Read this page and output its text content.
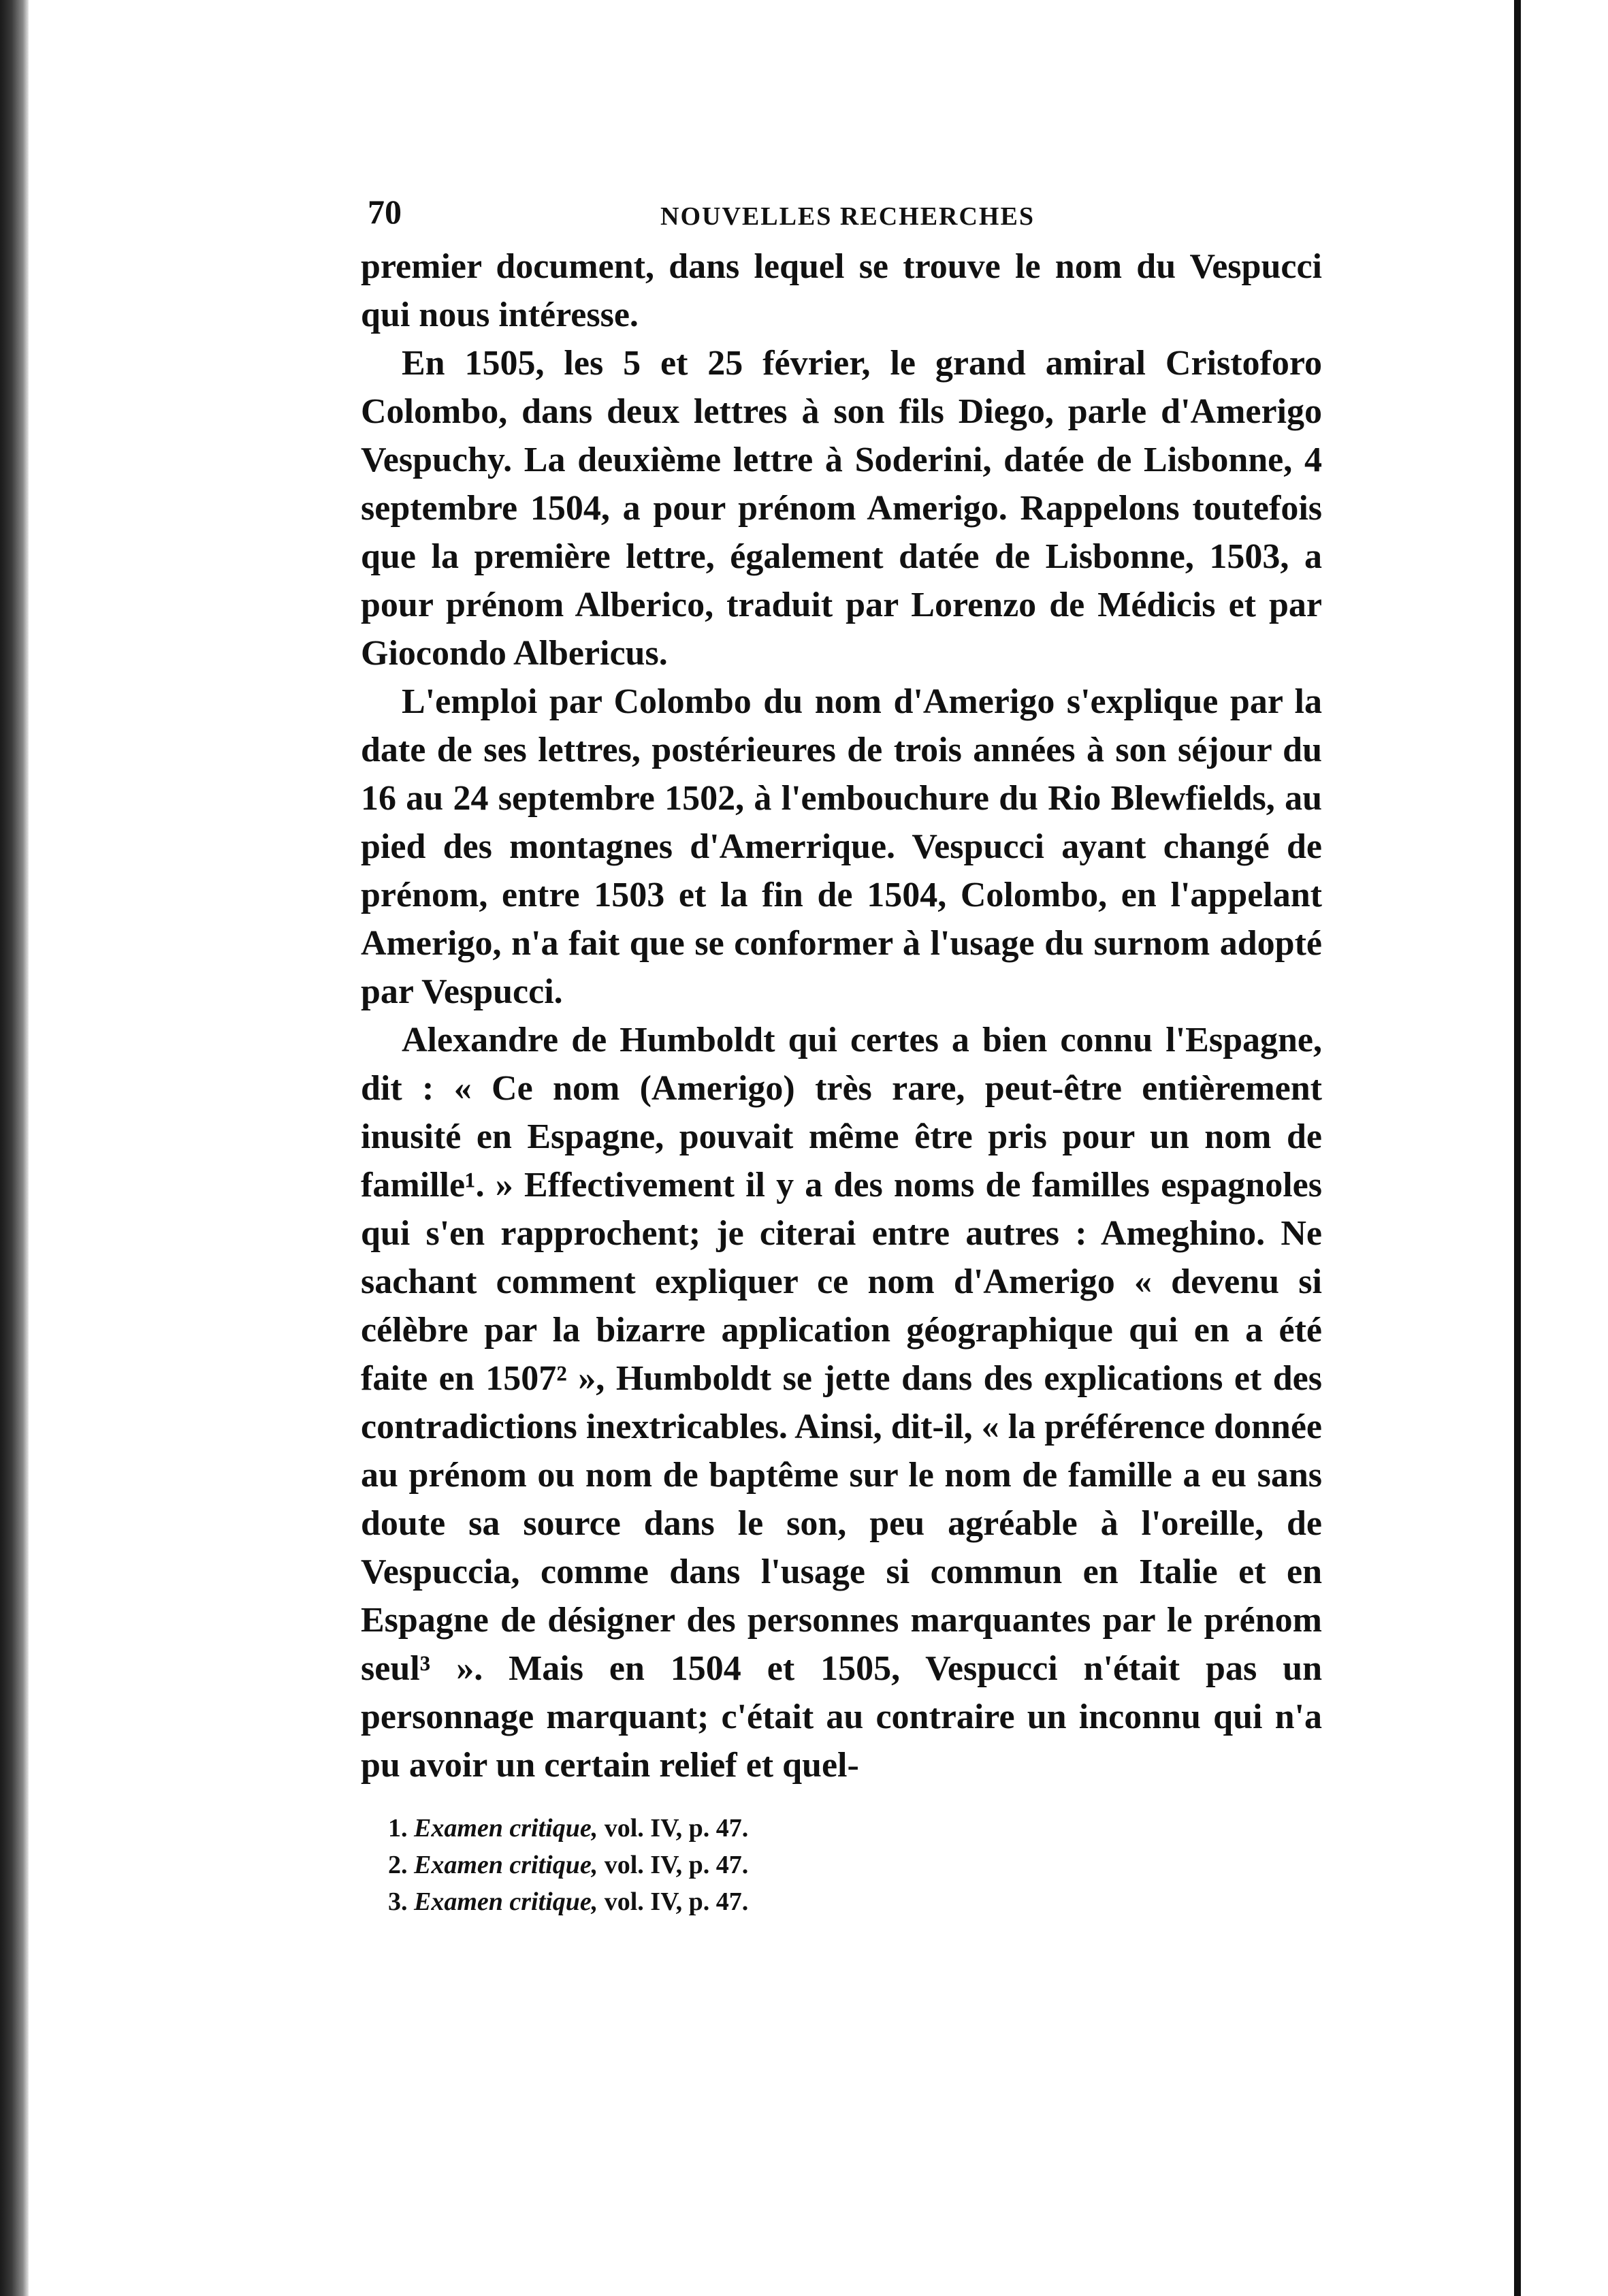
70	NOUVELLES RECHERCHES

premier document, dans lequel se trouve le nom du Vespucci qui nous intéresse.

En 1505, les 5 et 25 février, le grand amiral Cristoforo Colombo, dans deux lettres à son fils Diego, parle d'Amerigo Vespuchy. La deuxième lettre à Soderini, datée de Lisbonne, 4 septembre 1504, a pour prénom Amerigo. Rappelons toutefois que la première lettre, également datée de Lisbonne, 1503, a pour prénom Alberico, traduit par Lorenzo de Médicis et par Giocondo Albericus.

L'emploi par Colombo du nom d'Amerigo s'explique par la date de ses lettres, postérieures de trois années à son séjour du 16 au 24 septembre 1502, à l'embouchure du Rio Blewfields, au pied des montagnes d'Amerrique. Vespucci ayant changé de prénom, entre 1503 et la fin de 1504, Colombo, en l'appelant Amerigo, n'a fait que se conformer à l'usage du surnom adopté par Vespucci.

Alexandre de Humboldt qui certes a bien connu l'Espagne, dit : « Ce nom (Amerigo) très rare, peut-être entièrement inusité en Espagne, pouvait même être pris pour un nom de famille¹. » Effectivement il y a des noms de familles espagnoles qui s'en rapprochent; je citerai entre autres : Ameghino. Ne sachant comment expliquer ce nom d'Amerigo « devenu si célèbre par la bizarre application géographique qui en a été faite en 1507² », Humboldt se jette dans des explications et des contradictions inextricables. Ainsi, dit-il, « la préférence donnée au prénom ou nom de baptême sur le nom de famille a eu sans doute sa source dans le son, peu agréable à l'oreille, de Vespuccia, comme dans l'usage si commun en Italie et en Espagne de désigner des personnes marquantes par le prénom seul³ ». Mais en 1504 et 1505, Vespucci n'était pas un personnage marquant; c'était au contraire un inconnu qui n'a pu avoir un certain relief et quel-

1. Examen critique, vol. IV, p. 47.
2. Examen critique, vol. IV, p. 47.
3. Examen critique, vol. IV, p. 47.
